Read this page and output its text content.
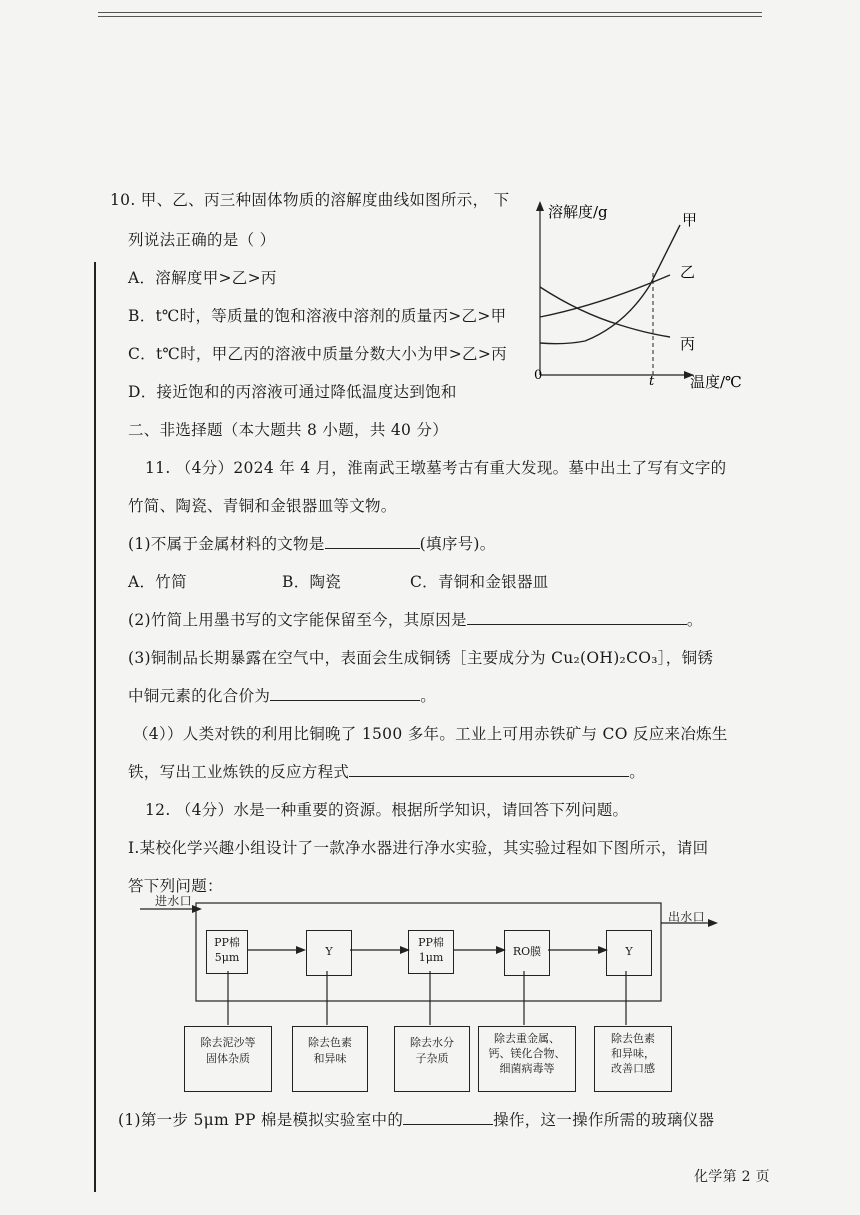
10. 甲、乙、丙三种固体物质的溶解度曲线如图所示， 下
列说法正确的是（ ）
A．溶解度甲>乙>丙
B．t℃时，等质量的饱和溶液中溶剂的质量丙>乙>甲
C．t℃时，甲乙丙的溶液中质量分数大小为甲>乙>丙
D．接近饱和的丙溶液可通过降低温度达到饱和
溶解度/g
温度/℃
0	t
甲
乙
丙
二、非选择题（本大题共 8 小题，共 40 分）
11. （4分）2024 年 4 月，淮南武王墩墓考古有重大发现。墓中出土了写有文字的
竹简、陶瓷、青铜和金银器皿等文物。
(1)不属于金属材料的文物是	(填序号)。
A．竹简	B．陶瓷	C．青铜和金银器皿
(2)竹简上用墨书写的文字能保留至今，其原因是	。
(3)铜制品长期暴露在空气中，表面会生成铜锈［主要成分为 Cu₂(OH)₂CO₃］，铜锈
中铜元素的化合价为	。
（4））人类对铁的利用比铜晚了 1500 多年。工业上可用赤铁矿与 CO 反应来冶炼生
铁，写出工业炼铁的反应方程式	。
12. （4分）水是一种重要的资源。根据所学知识，请回答下列问题。
Ⅰ.某校化学兴趣小组设计了一款净水器进行净水实验，其实验过程如下图所示，请回
答下列问题：
进水口
出水口
PP棉
5μm	Y
PP棉
1μm	RO膜	Y
除去泥沙等
固体杂质
除去色素
和异味
除去水分
子杂质
除去重金属、
钙、镁化合物、
细菌病毒等
除去色素
和异味，
改善口感
(1)第一步 5μm PP 棉是模拟实验室中的	操作，这一操作所需的玻璃仪器
化学第 2 页
